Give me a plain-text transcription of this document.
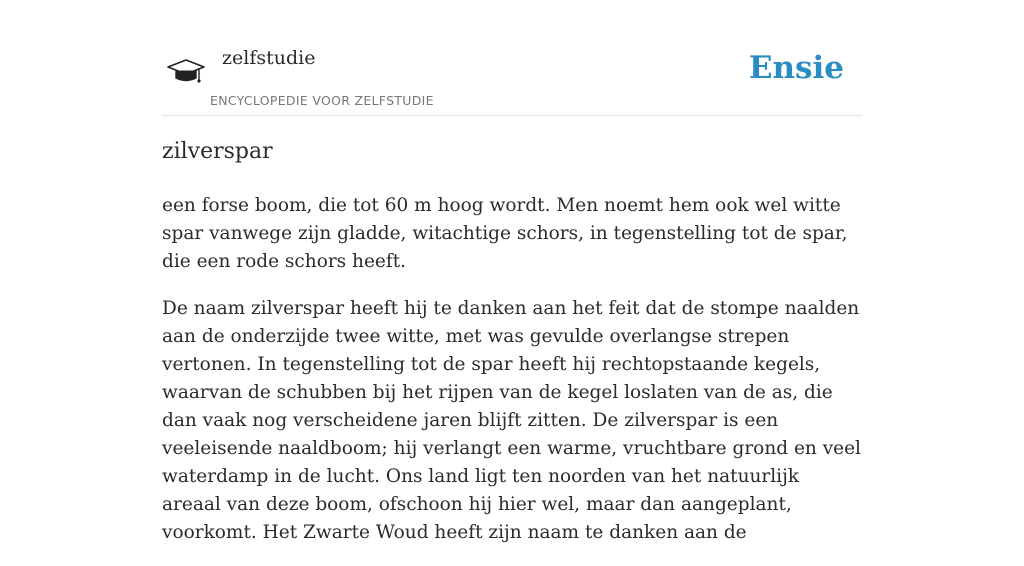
zelfstudie
ENCYCLOPEDIE VOOR ZELFSTUDIE
Ensie
zilverspar

een forse boom, die tot 60 m hoog wordt. Men noemt hem ook wel witte spar vanwege zijn gladde, witachtige schors, in tegenstelling tot de spar, die een rode schors heeft.

De naam zilverspar heeft hij te danken aan het feit dat de stompe naalden aan de onderzijde twee witte, met was gevulde overlangse strepen vertonen. In tegenstelling tot de spar heeft hij rechtopstaande kegels, waarvan de schubben bij het rijpen van de kegel loslaten van de as, die dan vaak nog verscheidene jaren blijft zitten. De zilverspar is een veeleisende naaldboom; hij verlangt een warme, vruchtbare grond en veel waterdamp in de lucht. Ons land ligt ten noorden van het natuurlijk areaal van deze boom, ofschoon hij hier wel, maar dan aangeplant, voorkomt. Het Zwarte Woud heeft zijn naam te danken aan de
